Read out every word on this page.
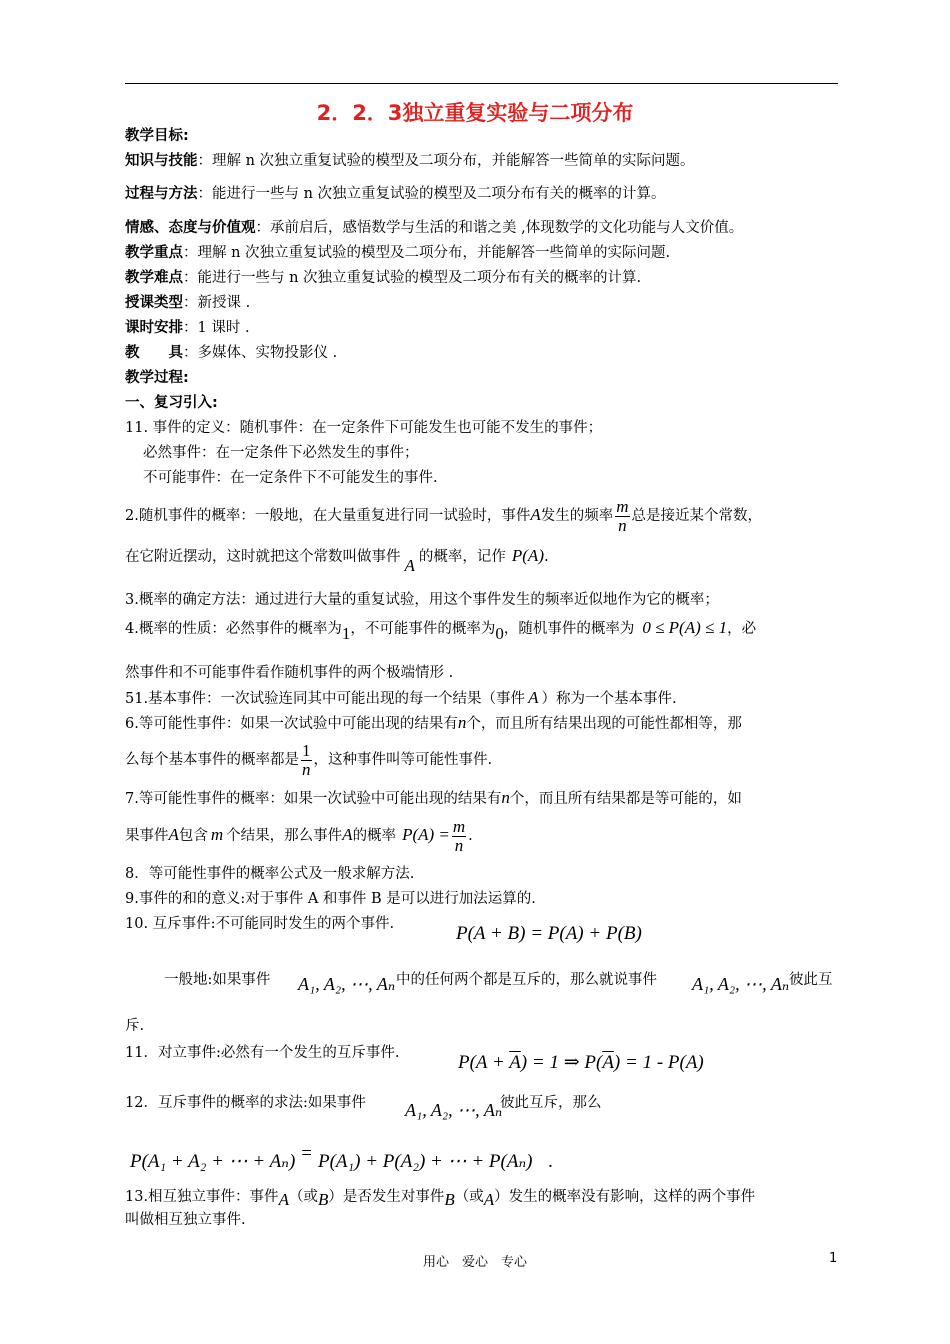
2．2．3独立重复实验与二项分布
教学目标:
知识与技能：理解 n 次独立重复试验的模型及二项分布，并能解答一些简单的实际问题。
过程与方法：能进行一些与 n 次独立重复试验的模型及二项分布有关的概率的计算。
情感、态度与价值观：承前启后，感悟数学与生活的和谐之美 ,体现数学的文化功能与人文价值。
教学重点：理解 n 次独立重复试验的模型及二项分布，并能解答一些简单的实际问题.
教学难点：能进行一些与 n 次独立重复试验的模型及二项分布有关的概率的计算.
授课类型：新授课 .
课时安排：1 课时 .
教　　具：多媒体、实物投影仪 .
教学过程:
一、复习引入:
11. 事件的定义：随机事件：在一定条件下可能发生也可能不发生的事件；
必然事件：在一定条件下必然发生的事件；
不可能事件：在一定条件下不可能发生的事件.
2.随机事件的概率：一般地，在大量重复进行同一试验时，事件A发生的频率 $\frac{m}{n}$ 总是接近某个常数，
在它附近摆动，这时就把这个常数叫做事件 A 的概率，记作 P(A).
3.概率的确定方法：通过进行大量的重复试验，用这个事件发生的频率近似地作为它的概率；
4.概率的性质：必然事件的概率为1，不可能事件的概率为0，随机事件的概率为 0 ≤ P(A) ≤ 1，必
然事件和不可能事件看作随机事件的两个极端情形 .
51.基本事件：一次试验连同其中可能出现的每一个结果（事件 A ）称为一个基本事件.
6.等可能性事件：如果一次试验中可能出现的结果有n个，而且所有结果出现的可能性都相等，那
么每个基本事件的概率都是 $\frac{1}{n}$ ，这种事件叫等可能性事件.
7.等可能性事件的概率：如果一次试验中可能出现的结果有n个，而且所有结果都是等可能的，如
果事件A包含 m 个结果，那么事件A的概率 $P(A) = \frac{m}{n}$ .
8．等可能性事件的概率公式及一般求解方法.
9.事件的和的意义:对于事件 A 和事件 B 是可以进行加法运算的.
10. 互斥事件:不可能同时发生的两个事件.	P(A + B) = P(A) + P(B)
一般地:如果事件	A₁, A₂, ⋯, Aₙ 中的任何两个都是互斥的，那么就说事件	A₁, A₂, ⋯, Aₙ 彼此互
斥.
11．对立事件:必然有一个发生的互斥事件.	$P(A + \overline{A}) = 1$ ⇒ $P(\overline{A}) = 1 - P(A)$
12．互斥事件的概率的求法:如果事件	A₁, A₂, ⋯, Aₙ
彼此互斥，那么
P(A₁ + A₂ + ⋯ + Aₙ) = P(A₁) + P(A₂) + ⋯ + P(Aₙ) .
13.相互独立事件：事件A（或B）是否发生对事件B（或A）发生的概率没有影响，这样的两个事件
叫做相互独立事件.
用心　爱心　专心	1
